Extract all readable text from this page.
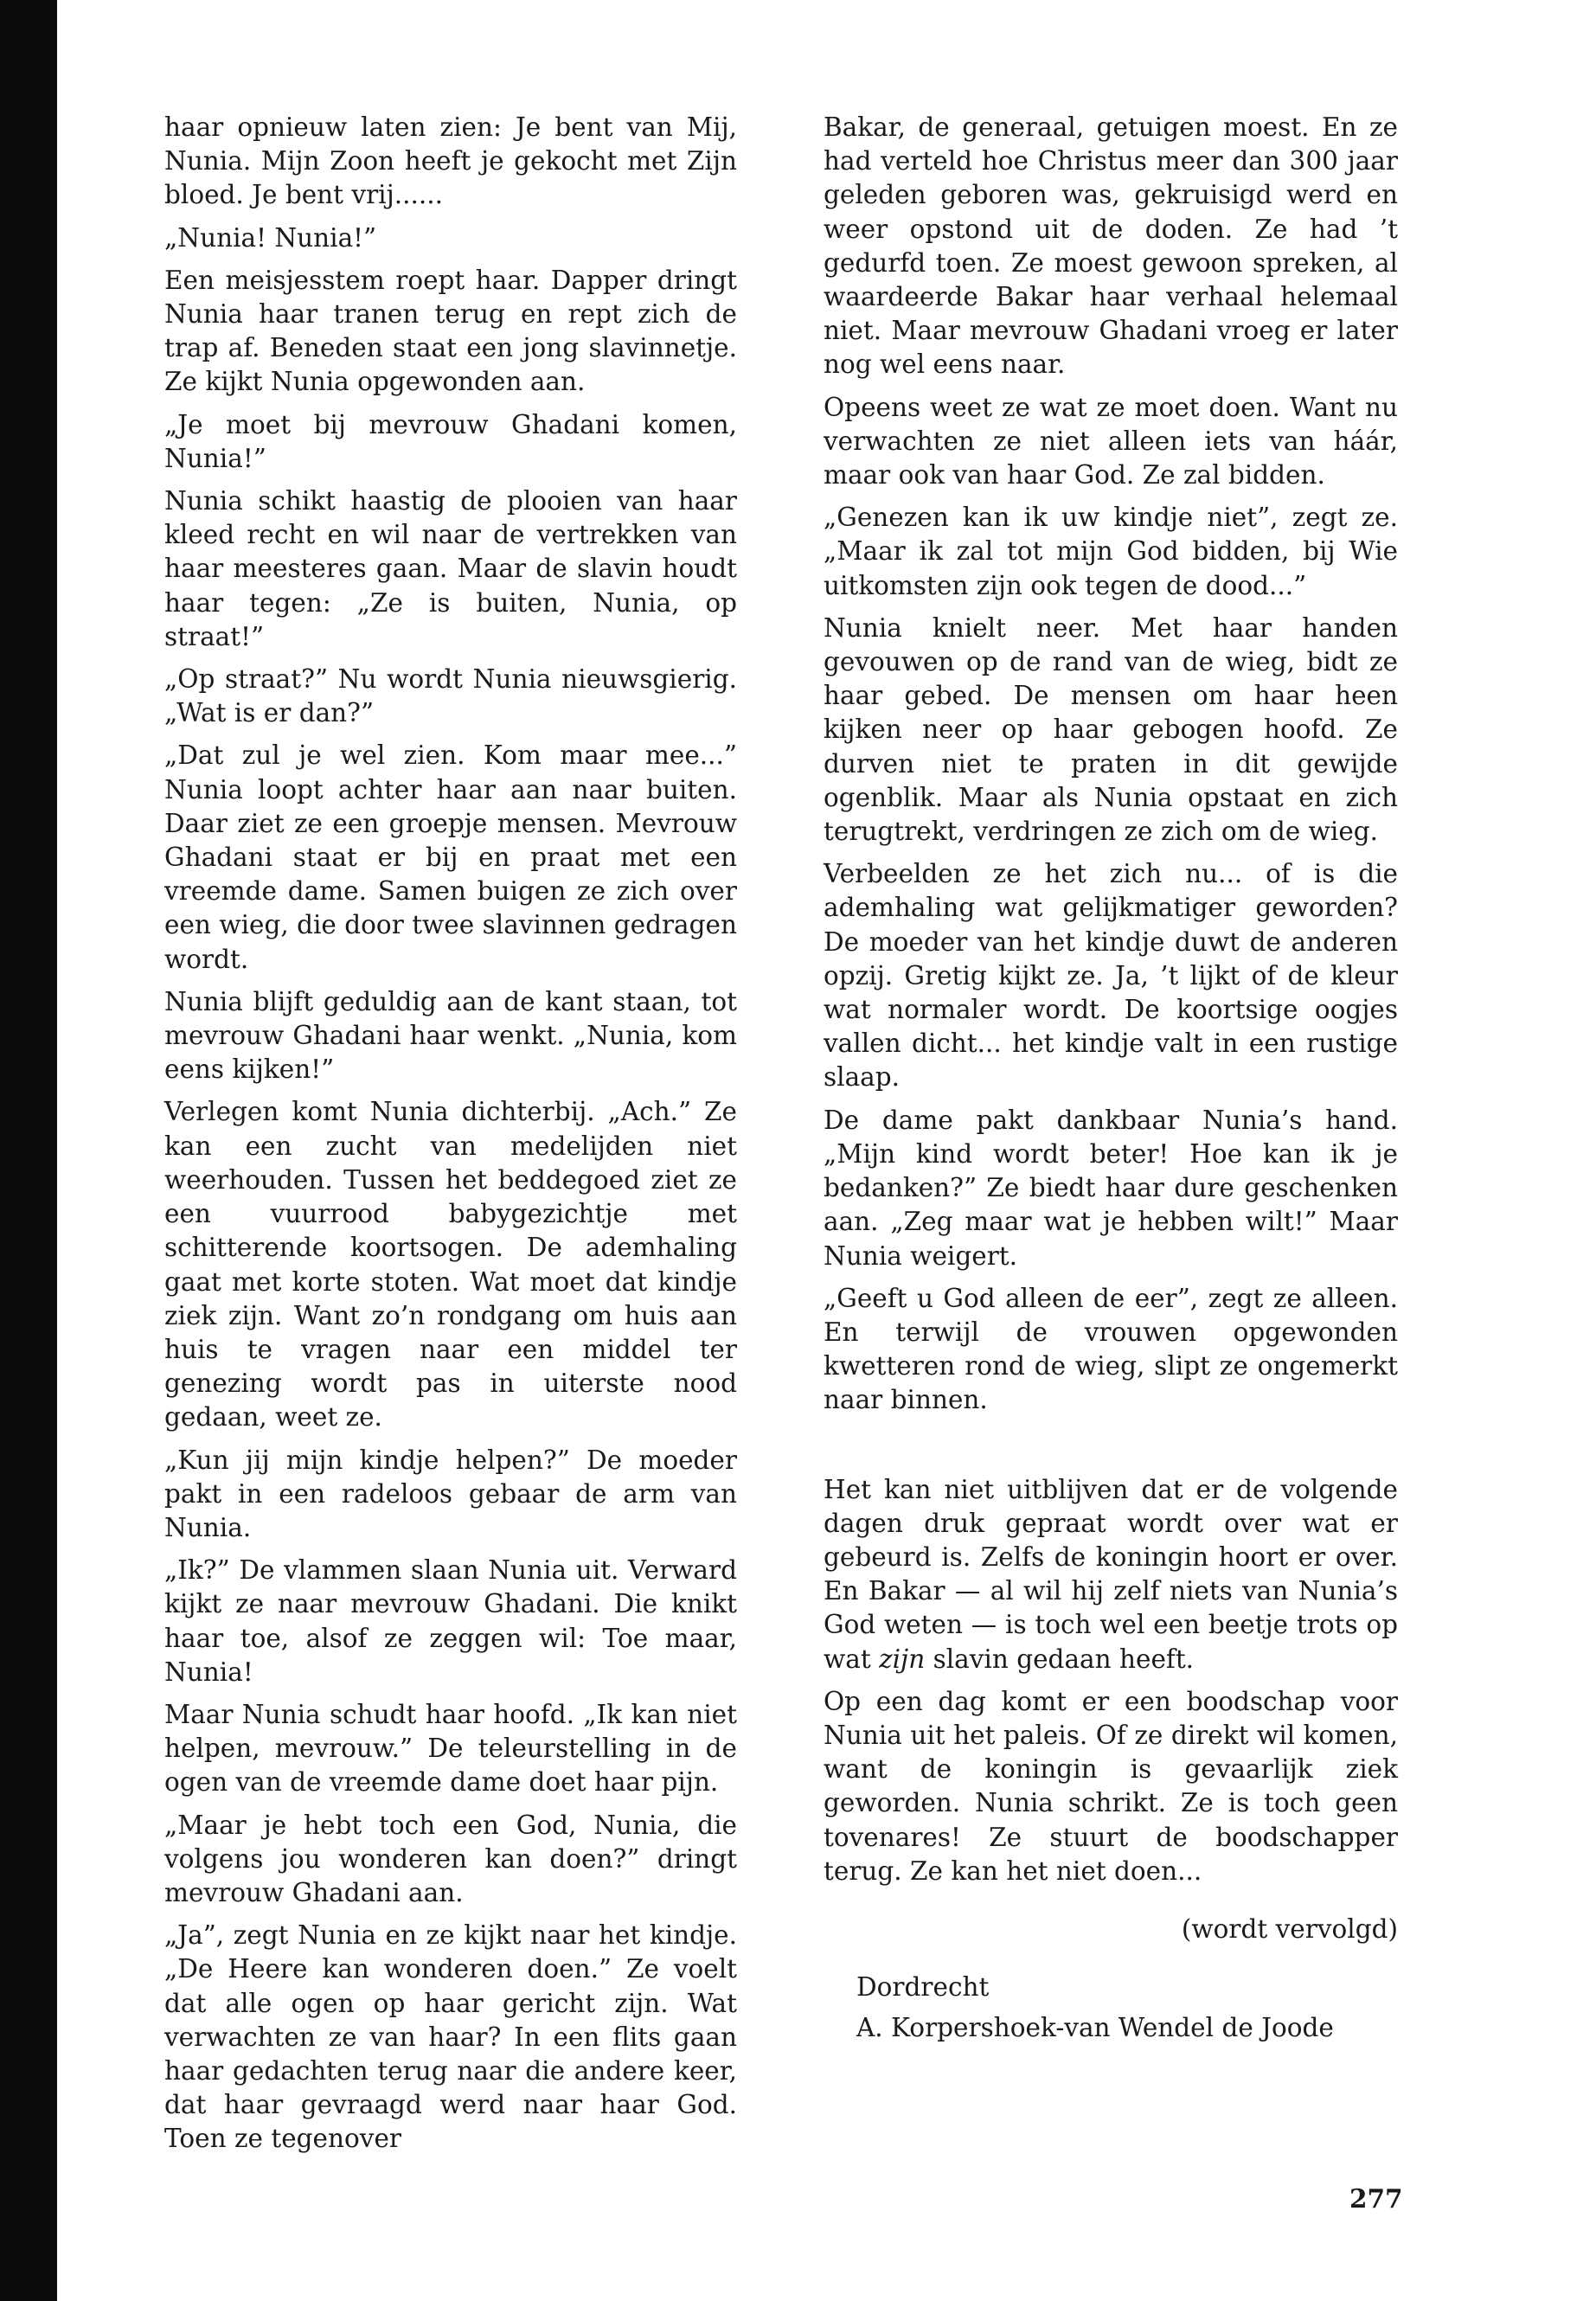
haar opnieuw laten zien: Je bent van Mij, Nunia. Mijn Zoon heeft je gekocht met Zijn bloed. Je bent vrij......

„Nunia! Nunia!”

Een meisjesstem roept haar. Dapper dringt Nunia haar tranen terug en rept zich de trap af. Beneden staat een jong slavinnetje. Ze kijkt Nunia opgewonden aan.

„Je moet bij mevrouw Ghadani komen, Nunia!”

Nunia schikt haastig de plooien van haar kleed recht en wil naar de vertrekken van haar meesteres gaan. Maar de slavin houdt haar tegen: „Ze is buiten, Nunia, op straat!”

„Op straat?” Nu wordt Nunia nieuwsgierig. „Wat is er dan?”

„Dat zul je wel zien. Kom maar mee...” Nunia loopt achter haar aan naar buiten. Daar ziet ze een groepje mensen. Mevrouw Ghadani staat er bij en praat met een vreemde dame. Samen buigen ze zich over een wieg, die door twee slavinnen gedragen wordt.

Nunia blijft geduldig aan de kant staan, tot mevrouw Ghadani haar wenkt. „Nunia, kom eens kijken!”

Verlegen komt Nunia dichterbij. „Ach.” Ze kan een zucht van medelijden niet weerhouden. Tussen het beddegoed ziet ze een vuurrood babygezichtje met schitterende koortsogen. De ademhaling gaat met korte stoten. Wat moet dat kindje ziek zijn. Want zo’n rondgang om huis aan huis te vragen naar een middel ter genezing wordt pas in uiterste nood gedaan, weet ze.

„Kun jij mijn kindje helpen?” De moeder pakt in een radeloos gebaar de arm van Nunia.

„Ik?” De vlammen slaan Nunia uit. Verward kijkt ze naar mevrouw Ghadani. Die knikt haar toe, alsof ze zeggen wil: Toe maar, Nunia!

Maar Nunia schudt haar hoofd. „Ik kan niet helpen, mevrouw.” De teleurstelling in de ogen van de vreemde dame doet haar pijn.

„Maar je hebt toch een God, Nunia, die volgens jou wonderen kan doen?” dringt mevrouw Ghadani aan.

„Ja”, zegt Nunia en ze kijkt naar het kindje. „De Heere kan wonderen doen.” Ze voelt dat alle ogen op haar gericht zijn. Wat verwachten ze van haar? In een flits gaan haar gedachten terug naar die andere keer, dat haar gevraagd werd naar haar God. Toen ze tegenover

Bakar, de generaal, getuigen moest. En ze had verteld hoe Christus meer dan 300 jaar geleden geboren was, gekruisigd werd en weer opstond uit de doden. Ze had ’t gedurfd toen. Ze moest gewoon spreken, al waardeerde Bakar haar verhaal helemaal niet. Maar mevrouw Ghadani vroeg er later nog wel eens naar.

Opeens weet ze wat ze moet doen. Want nu verwachten ze niet alleen iets van háár, maar ook van haar God. Ze zal bidden.

„Genezen kan ik uw kindje niet”, zegt ze. „Maar ik zal tot mijn God bidden, bij Wie uitkomsten zijn ook tegen de dood...”

Nunia knielt neer. Met haar handen gevouwen op de rand van de wieg, bidt ze haar gebed. De mensen om haar heen kijken neer op haar gebogen hoofd. Ze durven niet te praten in dit gewijde ogenblik. Maar als Nunia opstaat en zich terugtrekt, verdringen ze zich om de wieg.

Verbeelden ze het zich nu... of is die ademhaling wat gelijkmatiger geworden? De moeder van het kindje duwt de anderen opzij. Gretig kijkt ze. Ja, ’t lijkt of de kleur wat normaler wordt. De koortsige oogjes vallen dicht... het kindje valt in een rustige slaap.

De dame pakt dankbaar Nunia’s hand. „Mijn kind wordt beter! Hoe kan ik je bedanken?” Ze biedt haar dure geschenken aan. „Zeg maar wat je hebben wilt!” Maar Nunia weigert.

„Geeft u God alleen de eer”, zegt ze alleen. En terwijl de vrouwen opgewonden kwetteren rond de wieg, slipt ze ongemerkt naar binnen.

Het kan niet uitblijven dat er de volgende dagen druk gepraat wordt over wat er gebeurd is. Zelfs de koningin hoort er over. En Bakar — al wil hij zelf niets van Nunia’s God weten — is toch wel een beetje trots op wat zijn slavin gedaan heeft.

Op een dag komt er een boodschap voor Nunia uit het paleis. Of ze direkt wil komen, want de koningin is gevaarlijk ziek geworden. Nunia schrikt. Ze is toch geen tovenares! Ze stuurt de boodschapper terug. Ze kan het niet doen...

(wordt vervolgd)

Dordrecht

A. Korpershoek-van Wendel de Joode

277
